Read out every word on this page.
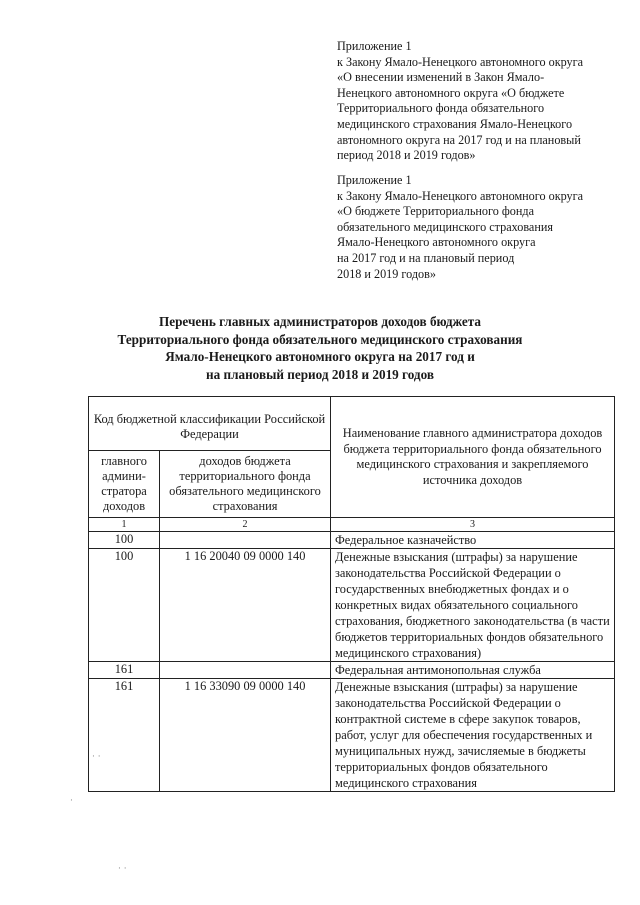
Приложение 1
к Закону Ямало-Ненецкого автономного округа
«О внесении изменений в Закон Ямало-
Ненецкого автономного округа «О бюджете
Территориального фонда обязательного
медицинского страхования Ямало-Ненецкого
автономного округа на 2017 год и на плановый
период 2018 и 2019 годов»
Приложение 1
к Закону Ямало-Ненецкого автономного округа
«О бюджете Территориального фонда
обязательного медицинского страхования
Ямало-Ненецкого автономного округа
на 2017 год и на плановый период
2018 и 2019 годов»
Перечень главных администраторов доходов бюджета
Территориального фонда обязательного медицинского страхования
Ямало-Ненецкого автономного округа на 2017 год и
на плановый период 2018 и 2019 годов
Код бюджетной классификации Российской Федерации		Наименование главного администратора доходов бюджета территориального фонда обязательного медицинского страхования и закрепляемого источника доходов
главного админи-стратора доходов	доходов бюджета территориального фонда обязательного медицинского страхования	
1	2	3
100		Федеральное казначейство
100	1 16 20040 09 0000 140	Денежные взыскания (штрафы) за нарушение законодательства Российской Федерации о государственных внебюджетных фондах и о конкретных видах обязательного социального страхования, бюджетного законодательства (в части бюджетов территориальных фондов обязательного медицинского страхования)
161		Федеральная антимонопольная служба
161	1 16 33090 09 0000 140	Денежные взыскания (штрафы) за нарушение законодательства Российской Федерации о контрактной системе в сфере закупок товаров, работ, услуг для обеспечения государственных и муниципальных нужд, зачисляемые в бюджеты территориальных фондов обязательного медицинского страхования
· ·
·
· ·
